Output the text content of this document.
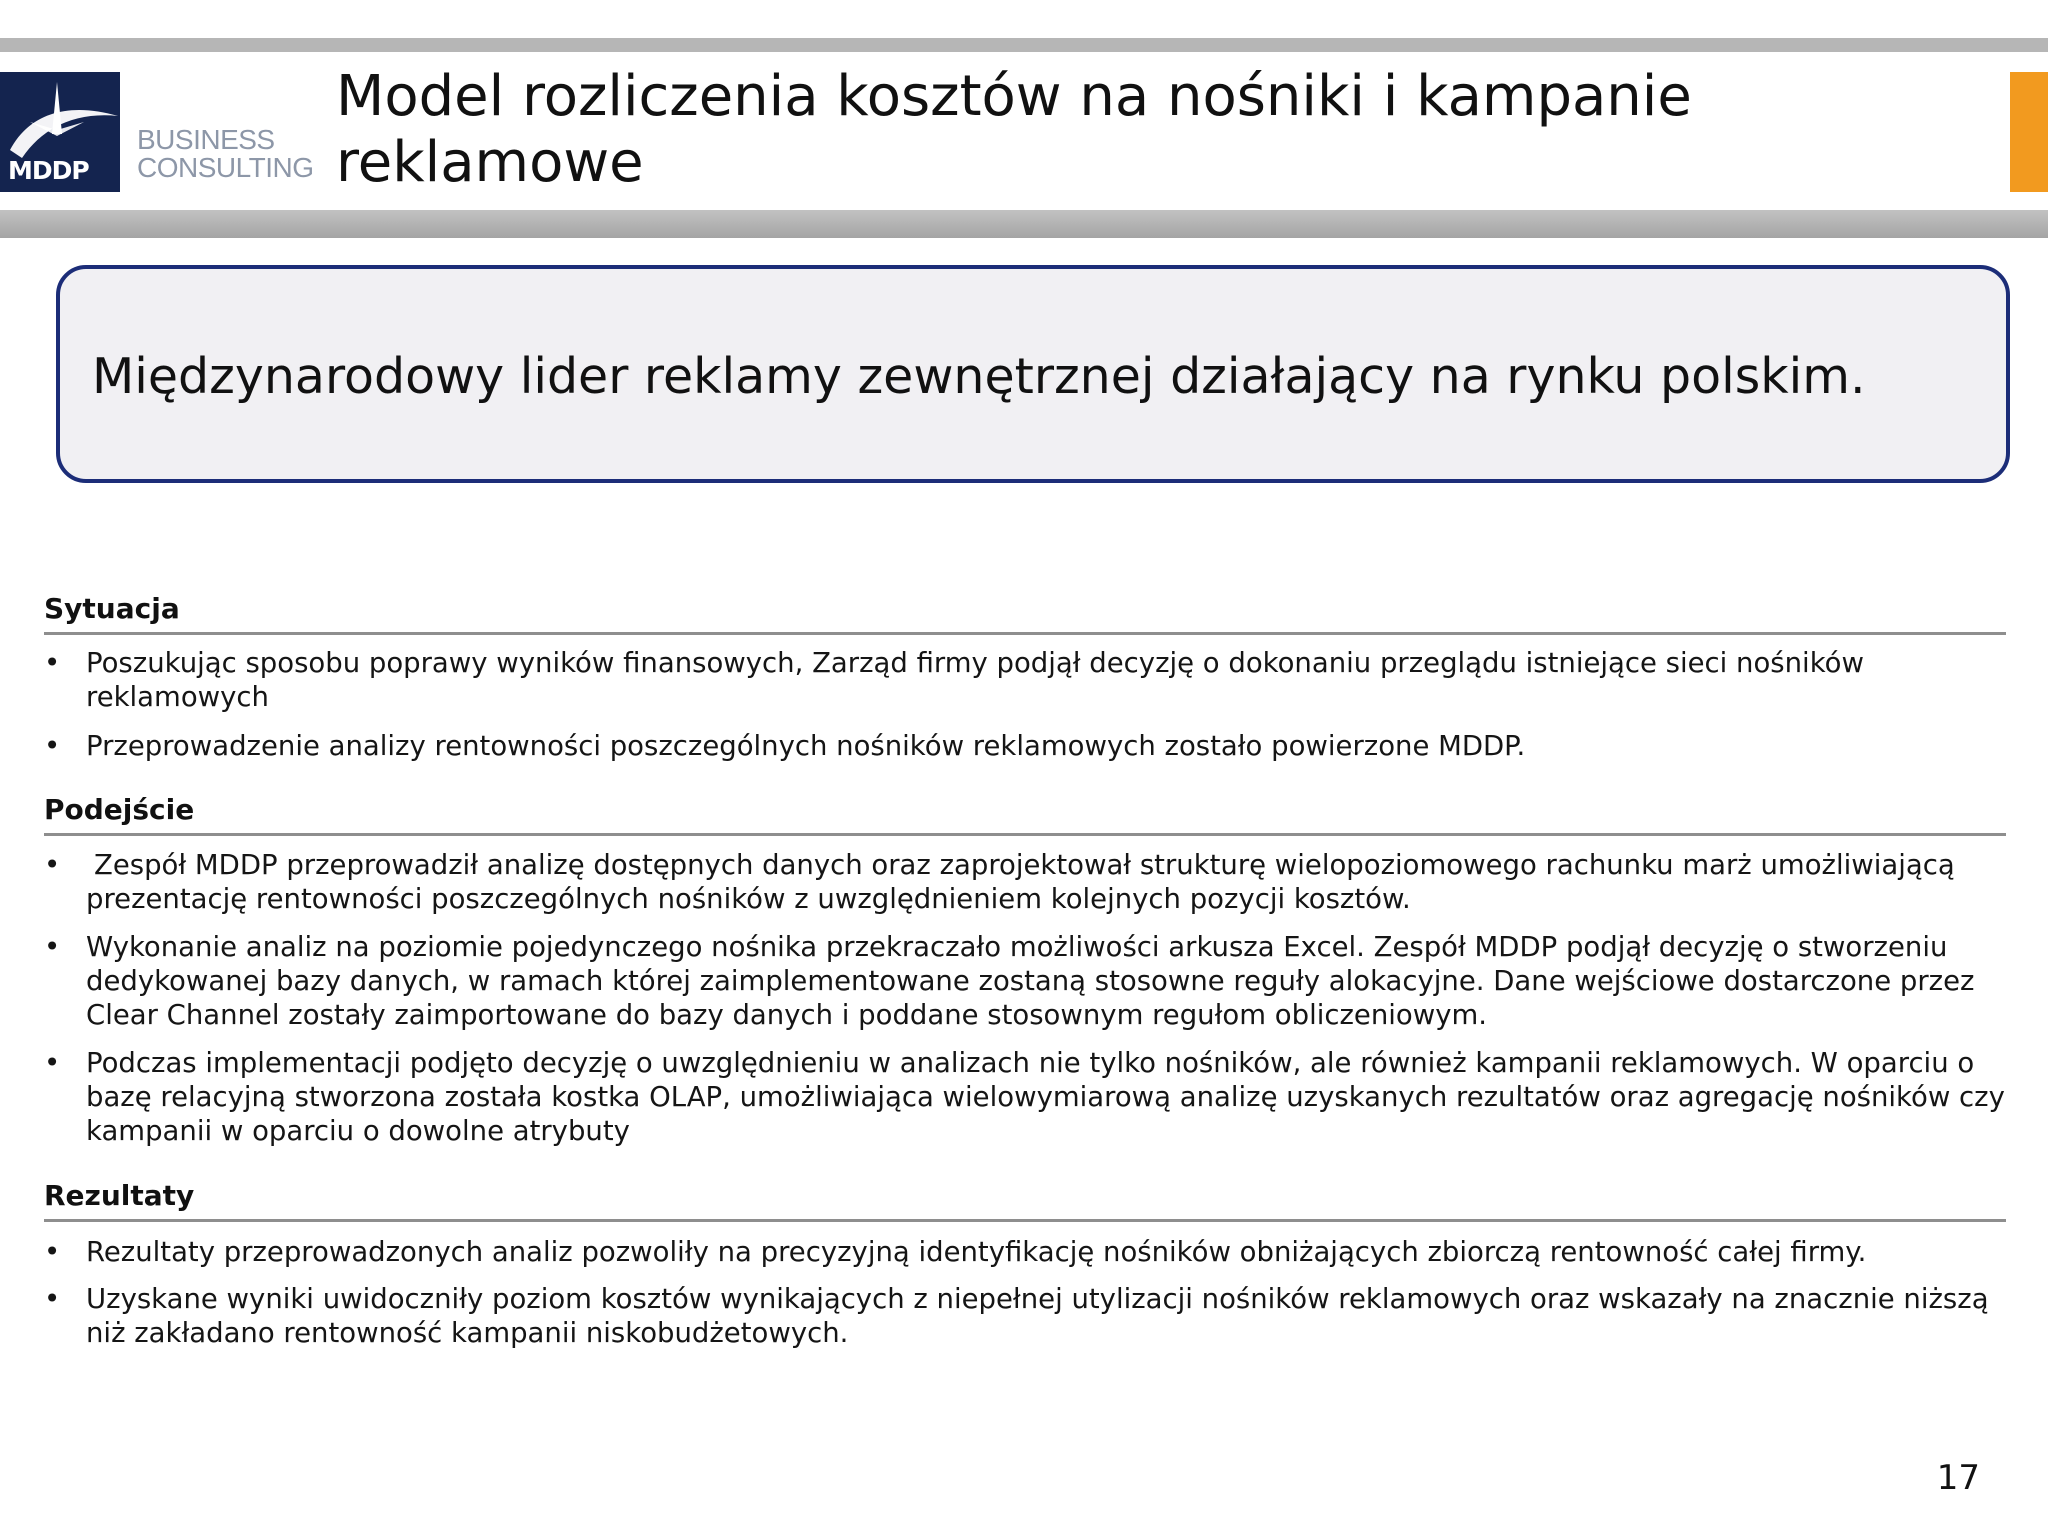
MDDP
BUSINESS
CONSULTING
Model rozliczenia kosztów na nośniki i kampanie
reklamowe
Międzynarodowy lider reklamy zewnętrznej działający na rynku polskim.
Sytuacja
• Poszukując sposobu poprawy wyników finansowych, Zarząd firmy podjął decyzję o dokonaniu przeglądu istniejące sieci nośników reklamowych
• Przeprowadzenie analizy rentowności poszczególnych nośników reklamowych zostało powierzone MDDP.
Podejście
•	Zespół MDDP przeprowadził analizę dostępnych danych oraz zaprojektował strukturę wielopoziomowego rachunku marż umożliwiającą prezentację rentowności poszczególnych nośników z uwzględnieniem kolejnych pozycji kosztów.
• Wykonanie analiz na poziomie pojedynczego nośnika przekraczało możliwości arkusza Excel. Zespół MDDP podjął decyzję o stworzeniu dedykowanej bazy danych, w ramach której zaimplementowane zostaną stosowne reguły alokacyjne. Dane wejściowe dostarczone przez Clear Channel zostały zaimportowane do bazy danych i poddane stosownym regułom obliczeniowym.
• Podczas implementacji podjęto decyzję o uwzględnieniu w analizach nie tylko nośników, ale również kampanii reklamowych. W oparciu o bazę relacyjną stworzona została kostka OLAP, umożliwiająca wielowymiarową analizę uzyskanych rezultatów oraz agregację nośników czy kampanii w oparciu o dowolne atrybuty
Rezultaty
• Rezultaty przeprowadzonych analiz pozwoliły na precyzyjną identyfikację nośników obniżających zbiorczą rentowność całej firmy.
• Uzyskane wyniki uwidoczniły poziom kosztów wynikających z niepełnej utylizacji nośników reklamowych oraz wskazały na znacznie niższą niż zakładano rentowność kampanii niskobudżetowych.
17
